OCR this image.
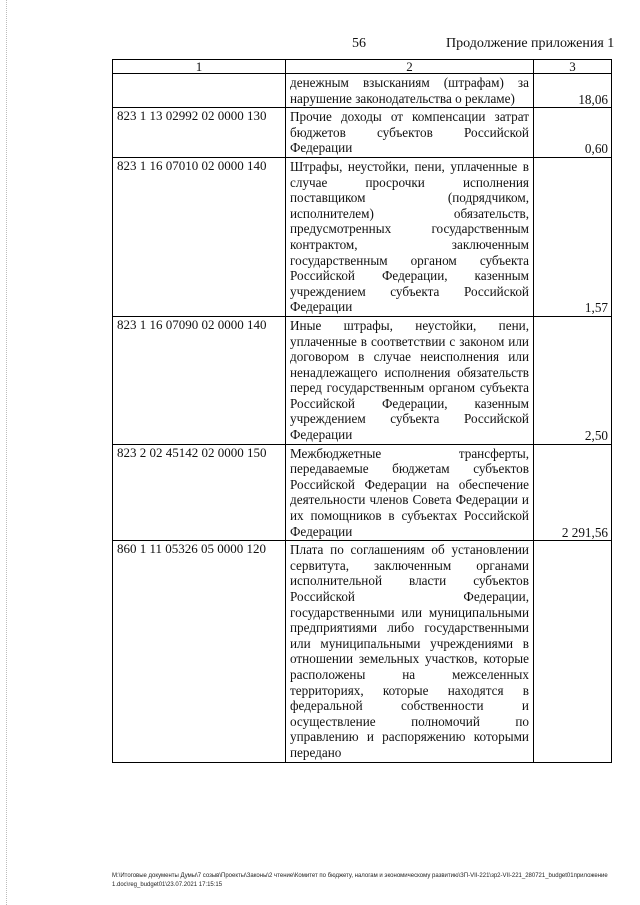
56	Продолжение приложения 1
1	2	3
	денежным взысканиям (штрафам) за нарушение законодательства о рекламе)	18,06
823 1 13 02992 02 0000 130	Прочие доходы от компенсации затрат бюджетов субъектов Российской Федерации	0,60
823 1 16 07010 02 0000 140	Штрафы, неустойки, пени, уплаченные в случае просрочки исполнения поставщиком (подрядчиком, исполнителем) обязательств, предусмотренных государственным контрактом, заключенным государственным органом субъекта Российской Федерации, казенным учреждением субъекта Российской Федерации	1,57
823 1 16 07090 02 0000 140	Иные штрафы, неустойки, пени, уплаченные в соответствии с законом или договором в случае неисполнения или ненадлежащего исполнения обязательств перед государственным органом субъекта Российской Федерации, казенным учреждением субъекта Российской Федерации	2,50
823 2 02 45142 02 0000 150	Межбюджетные трансферты, передаваемые бюджетам субъектов Российской Федерации на обеспечение деятельности членов Совета Федерации и их помощников в субъектах Российской Федерации	2 291,56
860 1 11 05326 05 0000 120	Плата по соглашениям об установлении сервитута, заключенным органами исполнительной власти субъектов Российской Федерации, государственными или муниципальными предприятиями либо государственными или муниципальными учреждениями в отношении земельных участков, которые расположены на межселенных территориях, которые находятся в федеральной собственности и осуществление полномочий по управлению и распоряжению которыми передано	
M:\Итоговые документы Думы\7 созыв\Проекты\Законы\2 чтение\Комитет по бюджету, налогам и экономическому развитию\ЗП-VII-221\зр2-VII-221_280721_budget01приложение 1.doc\reg_budget01\23.07.2021 17:15:15
